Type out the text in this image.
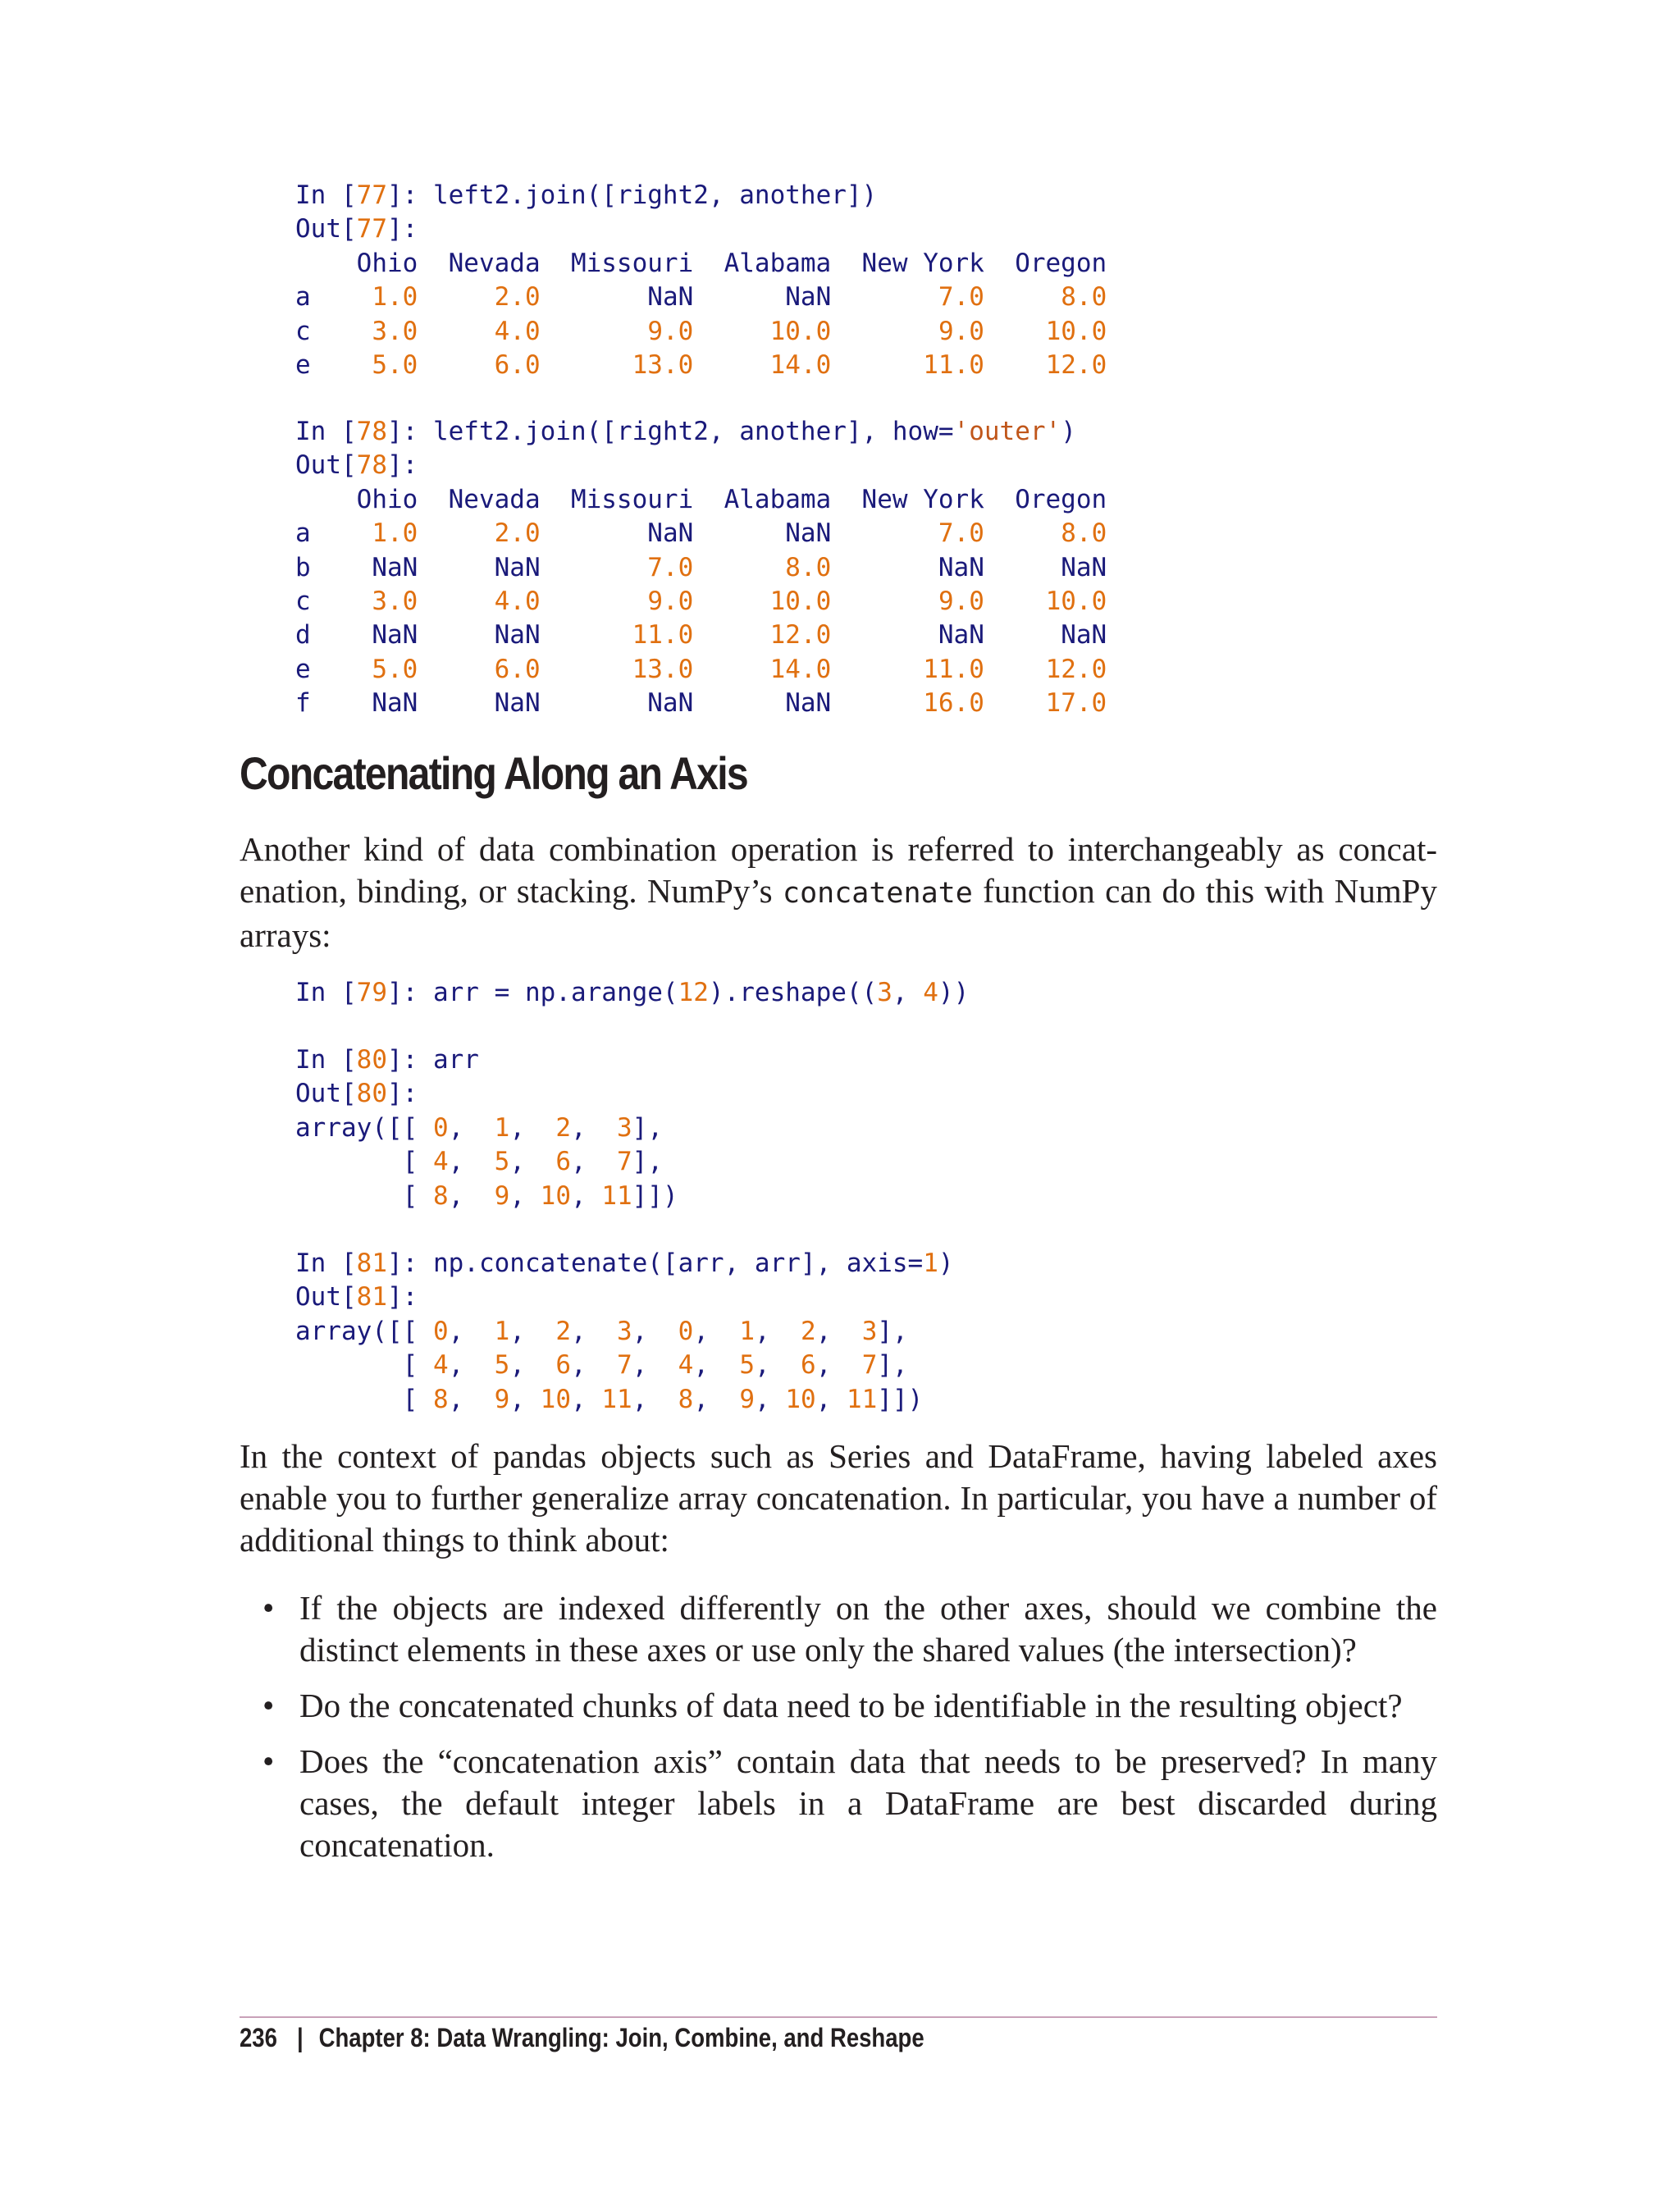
In [77]: left2.join([right2, another])
Out[77]:
Ohio  Nevada  Missouri  Alabama  New York  Oregon
a    1.0	2.0       NaN      NaN       7.0	8.0
c    3.0	4.0	9.0	10.0	9.0 10.0
e    5.0	6.0	13.0	14.0	11.0 12.0
In [78]: left2.join([right2, another], how='outer')
Out[78]:
Ohio  Nevada  Missouri  Alabama  New York  Oregon
a    1.0	2.0       NaN      NaN       7.0	8.0
b    NaN     NaN	7.0	8.0	NaN     NaN
c    3.0	4.0	9.0	10.0	9.0 10.0
d    NaN     NaN	11.0	12.0	NaN     NaN
e    5.0	6.0	13.0	14.0	11.0 12.0
f    NaN     NaN       NaN      NaN	16.0 17.0
Concatenating Along an Axis

Another kind of data combination operation is referred to interchangeably as concatenation, binding, or stacking. NumPy’s concatenate function can do this with NumPy arrays:

In [79]: arr = np.arange(12).reshape((3, 4))
In [80]: arr
Out[80]:
array([[ 0,  1,  2,  3],
[ 4,  5,  6,  7],
[ 8,  9, 10, 11]])
In [81]: np.concatenate([arr, arr], axis=1)
Out[81]:
array([[ 0,  1,  2,  3,  0,  1,  2,  3],
[ 4,  5,  6,  7,  4,  5,  6,  7],
[ 8,  9, 10, 11,  8,  9, 10, 11]])

In the context of pandas objects such as Series and DataFrame, having labeled axes enable you to further generalize array concatenation. In particular, you have a number of additional things to think about:

• If the objects are indexed differently on the other axes, should we combine the distinct elements in these axes or use only the shared values (the intersection)?
• Do the concatenated chunks of data need to be identifiable in the resulting object?
• Does the “concatenation axis” contain data that needs to be preserved? In many cases, the default integer labels in a DataFrame are best discarded during concatenation.
236 | Chapter 8: Data Wrangling: Join, Combine, and Reshape
